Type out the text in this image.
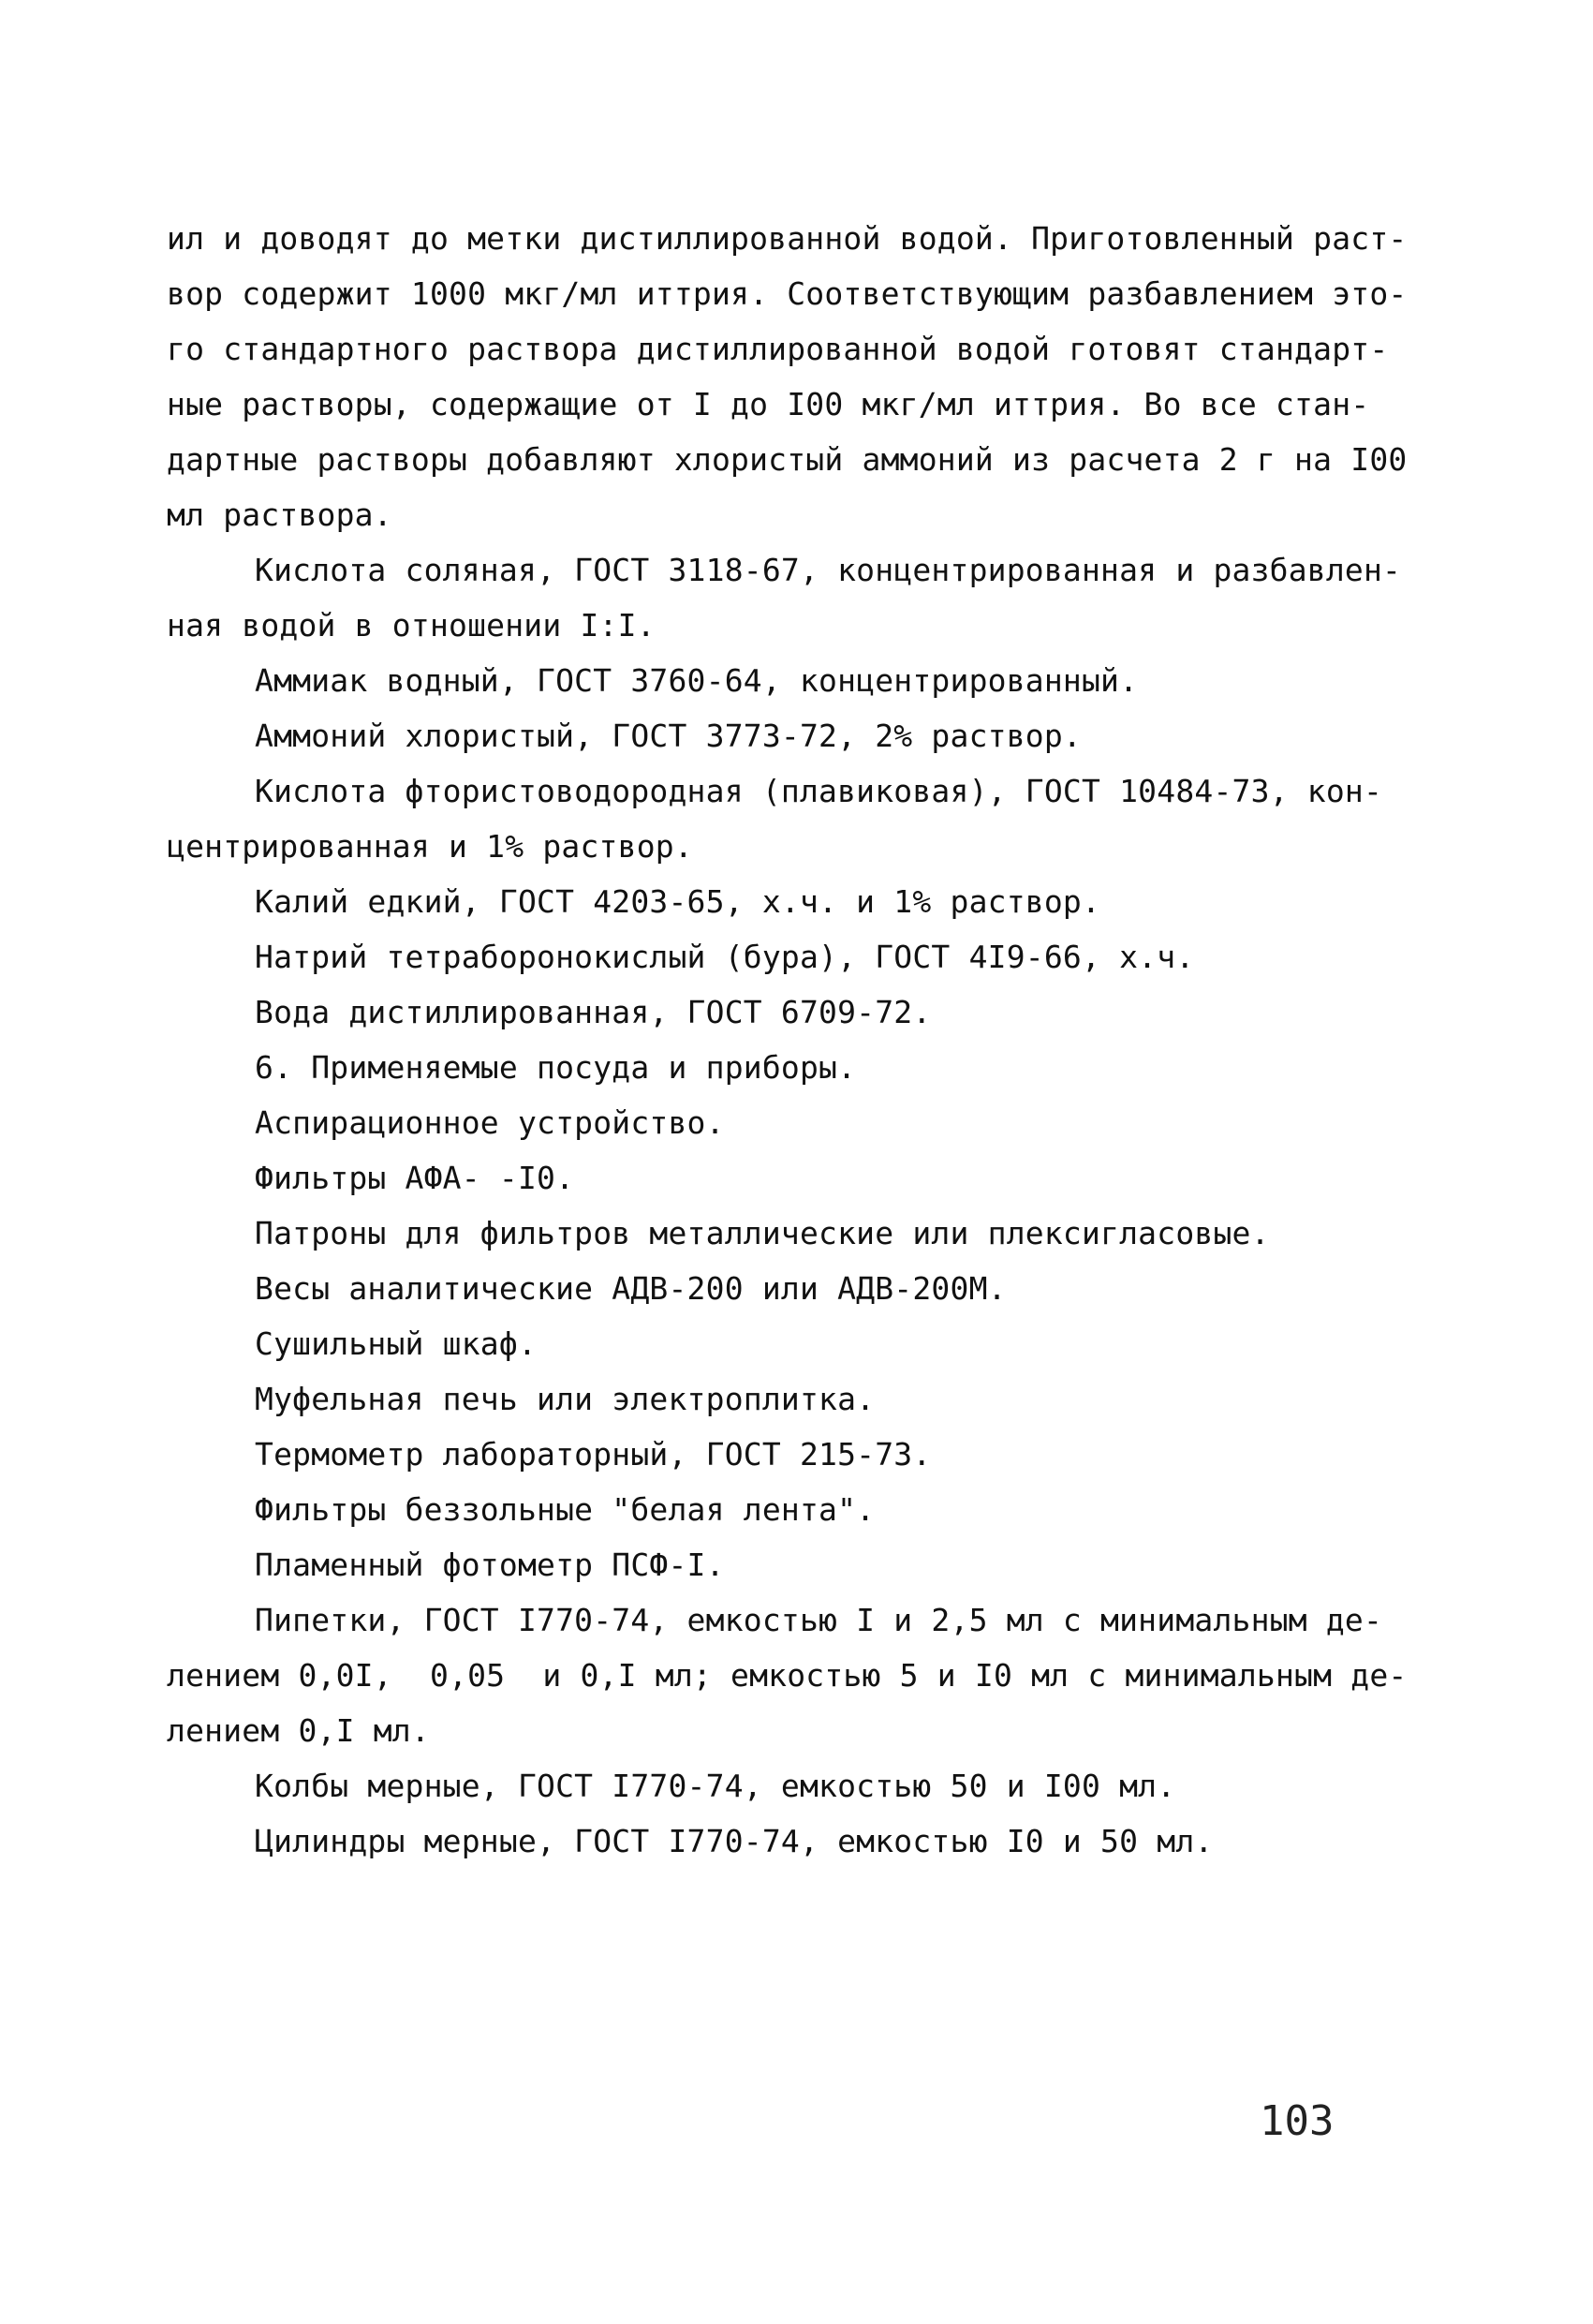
ил и доводят до метки дистиллированной водой. Приготовленный раст-
вор содержит 1000 мкг/мл иттрия. Соответствующим разбавлением это-
го стандартного раствора дистиллированной водой готовят стандарт-
ные растворы, содержащие от I до I00 мкг/мл иттрия. Во все стан-
дартные растворы добавляют хлористый аммоний из расчета 2 г на I00
мл раствора.
Кислота соляная, ГОСТ 3118-67, концентрированная и разбавлен-
ная водой в отношении I:I.
Аммиак водный, ГОСТ 3760-64, концентрированный.
Аммоний хлористый, ГОСТ 3773-72, 2% раствор.
Кислота фтористоводородная (плавиковая), ГОСТ 10484-73, кон-
центрированная и 1% раствор.
Калий едкий, ГОСТ 4203-65, х.ч. и 1% раствор.
Натрий тетраборонокислый (бура), ГОСТ 4I9-66, х.ч.
Вода дистиллированная, ГОСТ 6709-72.
6. Применяемые посуда и приборы.
Аспирационное устройство.
Фильтры АФА- -I0.
Патроны для фильтров металлические или плексигласовые.
Весы аналитические АДВ-200 или АДВ-200М.
Сушильный шкаф.
Муфельная печь или электроплитка.
Термометр лабораторный, ГОСТ 215-73.
Фильтры беззольные "белая лента".
Пламенный фотометр ПСФ-I.
Пипетки, ГОСТ I770-74, емкостью I и 2,5 мл с минимальным де-
лением 0,0I,  0,05  и 0,I мл; емкостью 5 и I0 мл с минимальным де-
лением 0,I мл.
Колбы мерные, ГОСТ I770-74, емкостью 50 и I00 мл.
Цилиндры мерные, ГОСТ I770-74, емкостью I0 и 50 мл.
103
